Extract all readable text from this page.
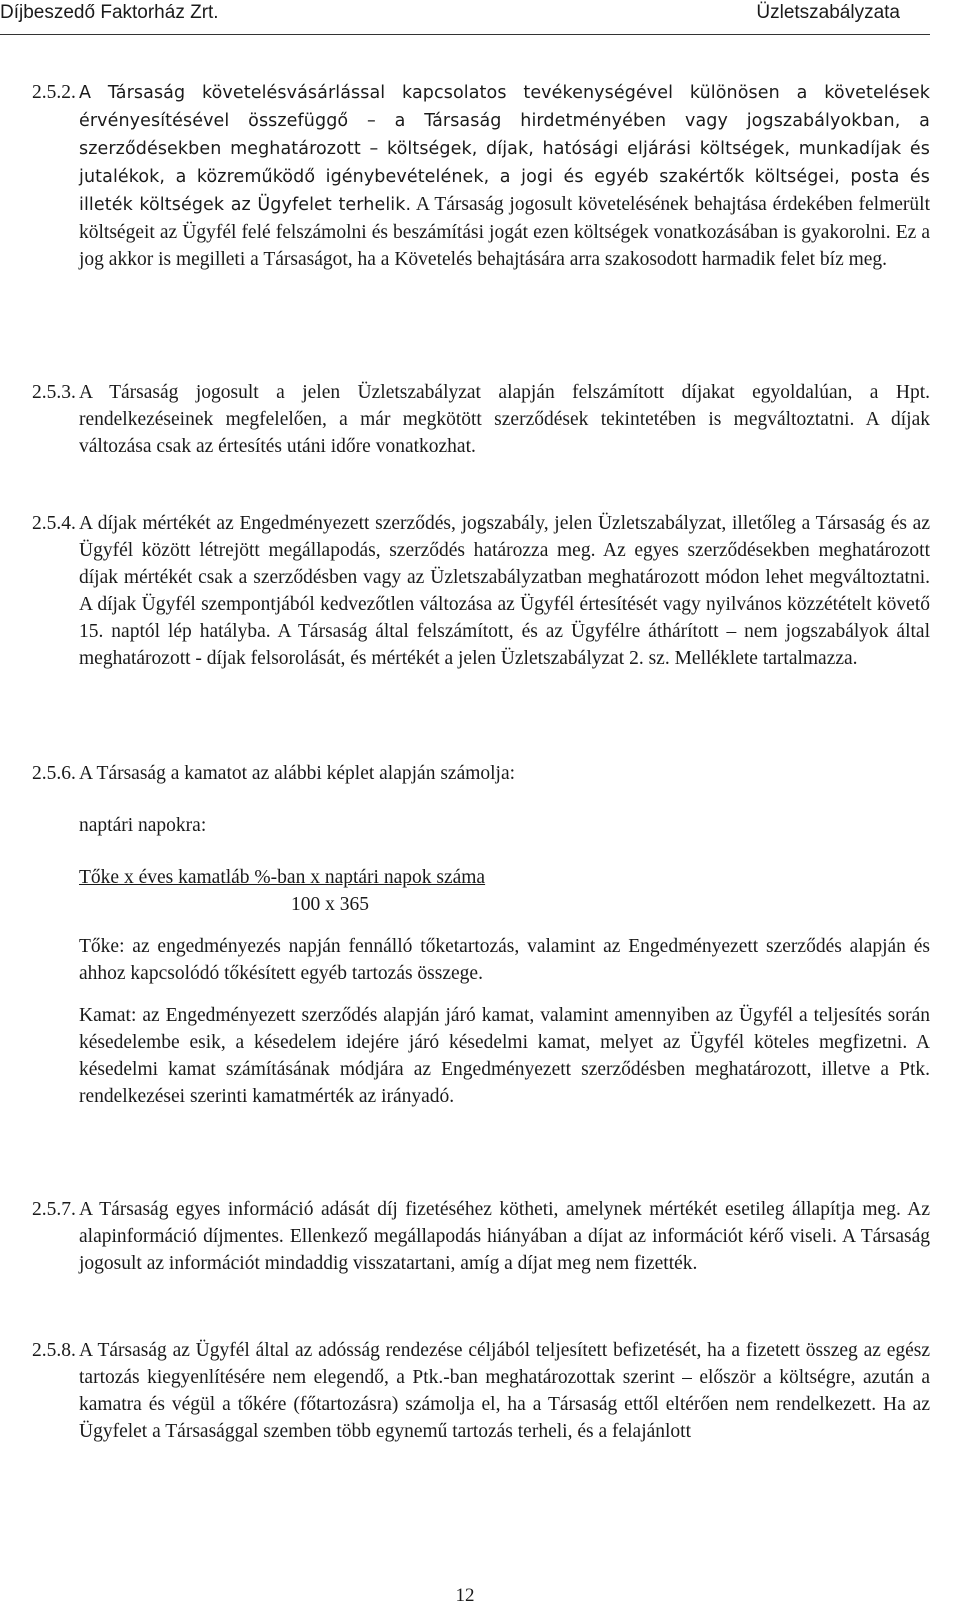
Díjbeszedő Faktorház Zrt.	Üzletszabályzata
2.5.2. A Társaság követelésvásárlással kapcsolatos tevékenységével különösen a követelések érvényesítésével összefüggő – a Társaság hirdetményében vagy jogszabályokban, a szerződésekben meghatározott – költségek, díjak, hatósági eljárási költségek, munkadíjak és jutalékok, a közreműködő igénybevételének, a jogi és egyéb szakértők költségei, posta és illeték költségek az Ügyfelet terhelik. A Társaság jogosult követelésének behajtása érdekében felmerült költségeit az Ügyfél felé felszámolni és beszámítási jogát ezen költségek vonatkozásában is gyakorolni. Ez a jog akkor is megilleti a Társaságot, ha a Követelés behajtására arra szakosodott harmadik felet bíz meg.

2.5.3. A Társaság jogosult a jelen Üzletszabályzat alapján felszámított díjakat egyoldalúan, a Hpt. rendelkezéseinek megfelelően, a már megkötött szerződések tekintetében is megváltoztatni. A díjak változása csak az értesítés utáni időre vonatkozhat.

2.5.4. A díjak mértékét az Engedményezett szerződés, jogszabály, jelen Üzletszabályzat, illetőleg a Társaság és az Ügyfél között létrejött megállapodás, szerződés határozza meg. Az egyes szerződésekben meghatározott díjak mértékét csak a szerződésben vagy az Üzletszabályzatban meghatározott módon lehet megváltoztatni. A díjak Ügyfél szempontjából kedvezőtlen változása az Ügyfél értesítését vagy nyilvános közzétételt követő 15. naptól lép hatályba. A Társaság által felszámított, és az Ügyfélre áthárított – nem jogszabályok által meghatározott - díjak felsorolását, és mértékét a jelen Üzletszabályzat 2. sz. Melléklete tartalmazza.

2.5.6. A Társaság a kamatot az alábbi képlet alapján számolja:

naptári napokra:

Tőke x éves kamatláb %-ban x naptári napok száma

100 x 365

Tőke: az engedményezés napján fennálló tőketartozás, valamint az Engedményezett szerződés alapján és ahhoz kapcsolódó tőkésített egyéb tartozás összege.

Kamat: az Engedményezett szerződés alapján járó kamat, valamint amennyiben az Ügyfél a teljesítés során késedelembe esik, a késedelem idejére járó késedelmi kamat, melyet az Ügyfél köteles megfizetni. A késedelmi kamat számításának módjára az Engedményezett szerződésben meghatározott, illetve a Ptk. rendelkezései szerinti kamatmérték az irányadó.

2.5.7. A Társaság egyes információ adását díj fizetéséhez kötheti, amelynek mértékét esetileg állapítja meg. Az alapinformáció díjmentes. Ellenkező megállapodás hiányában a díjat az információt kérő viseli. A Társaság jogosult az információt mindaddig visszatartani, amíg a díjat meg nem fizették.

2.5.8. A Társaság az Ügyfél által az adósság rendezése céljából teljesített befizetését, ha a fizetett összeg az egész tartozás kiegyenlítésére nem elegendő, a Ptk.-ban meghatározottak szerint – először a költségre, azután a kamatra és végül a tőkére (főtartozásra) számolja el, ha a Társaság ettől eltérően nem rendelkezett. Ha az Ügyfelet a Társasággal szemben több egynemű tartozás terheli, és a felajánlott

12
